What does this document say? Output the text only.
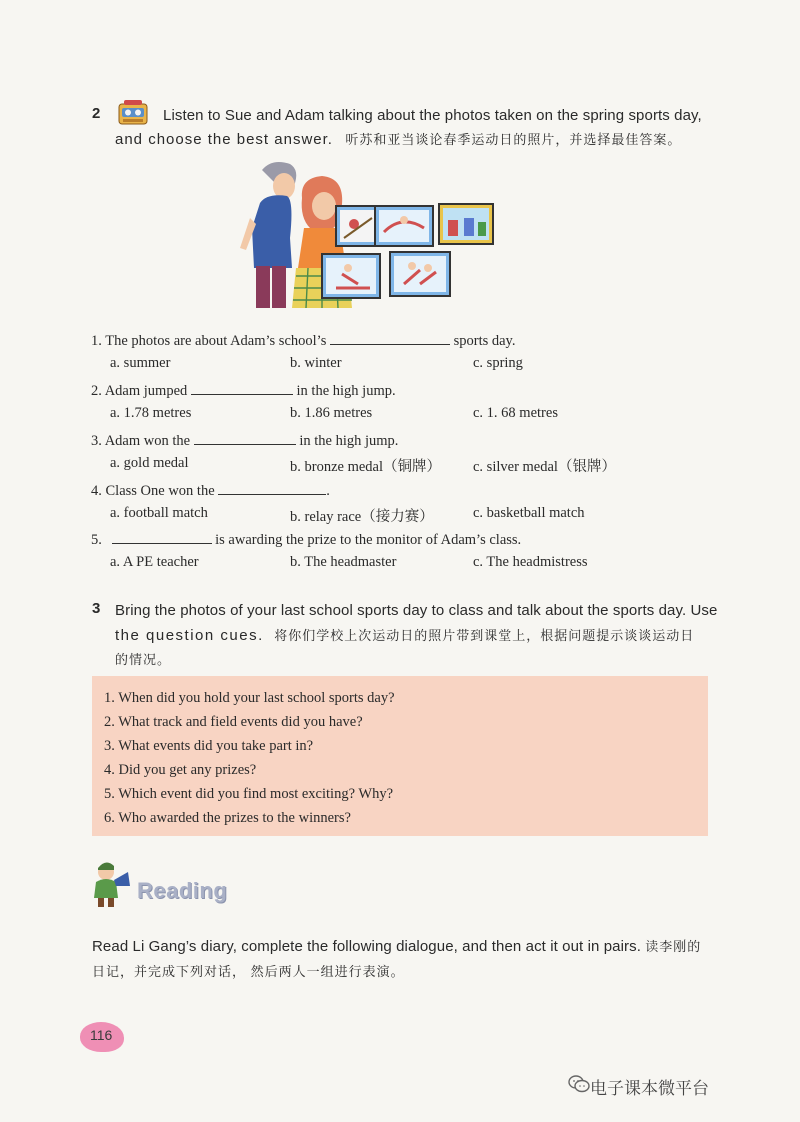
2	Listen to Sue and Adam talking about the photos taken on the spring sports day,
and choose the best answer. 听苏和亚当谈论春季运动日的照片，并选择最佳答案。
1. The photos are about Adam’s school’s	sports day.
a. summer	b. winter	c. spring
2. Adam jumped	in the high jump.
a. 1.78 metres	b. 1.86 metres	c. 1. 68 metres
3. Adam won the	in the high jump.
a. gold medal	b. bronze medal（铜牌） c. silver medal（银牌）
4. Class One won the	.
a. football match	b. relay race（接力赛）	c. basketball match
5.	is awarding the prize to the monitor of Adam’s class.
a. A PE teacher	b. The headmaster	c. The headmistress
3 Bring the photos of your last school sports day to class and talk about the sports day. Use
the question cues. 将你们学校上次运动日的照片带到课堂上，根据问题提示谈谈运动日
的情况。
1. When did you hold your last school sports day?
2. What track and field events did you have?
3. What events did you take part in?
4. Did you get any prizes?
5. Which event did you find most exciting? Why?
6. Who awarded the prizes to the winners?
Reading
Read Li Gang’s diary, complete the following dialogue, and then act it out in pairs. 读李刚的
日记，并完成下列对话， 然后两人一组进行表演。
116
电子课本微平台
